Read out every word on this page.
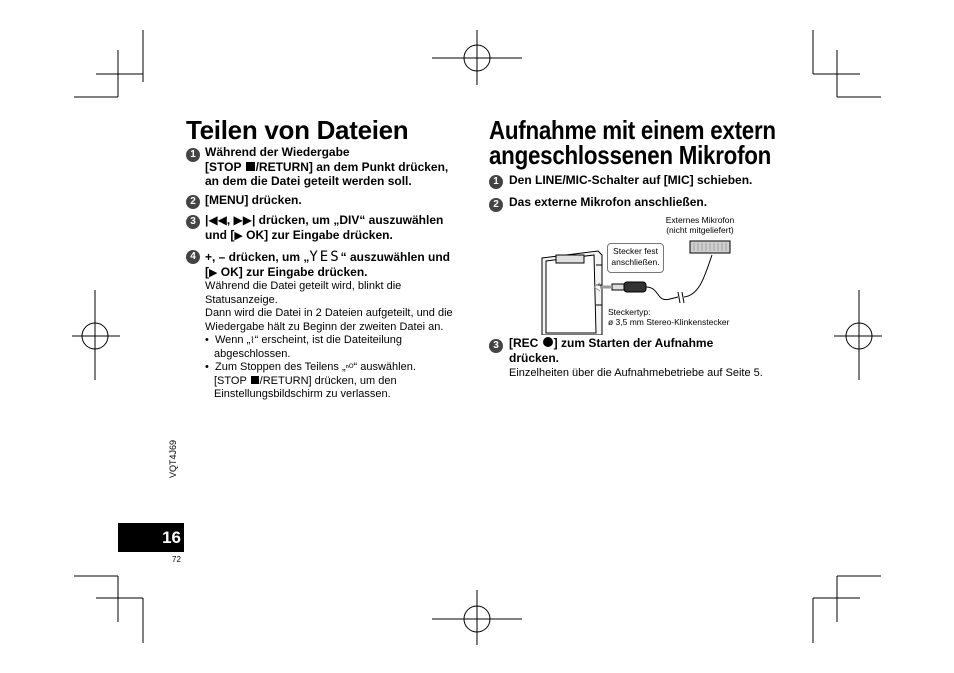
Teilen von Dateien
1 Während der Wiedergabe
[STOP /RETURN] an dem Punkt drücken,
an dem die Datei geteilt werden soll.
2 [MENU] drücken.
3 |◀◀, ▶▶| drücken, um „DIV“ auszuwählen
und [▶ OK] zur Eingabe drücken.
4 +, – drücken, um „YES“ auszuwählen und
[▶ OK] zur Eingabe drücken.
Während die Datei geteilt wird, blinkt die
Statusanzeige.
Dann wird die Datei in 2 Dateien aufgeteilt, und die
Wiedergabe hält zu Beginn der zweiten Datei an.
• Wenn „⌇“ erscheint, ist die Dateiteilung
abgeschlossen.
• Zum Stoppen des Teilens „ⁿᴼ“ auswählen.
[STOP /RETURN] drücken, um den
Einstellungsbildschirm zu verlassen.
Aufnahme mit einem extern
angeschlossenen Mikrofon
1 Den LINE/MIC-Schalter auf [MIC] schieben.
2 Das externe Mikrofon anschließen.
Externes Mikrofon
(nicht mitgeliefert)
Stecker fest
anschließen.
Steckertyp:
ø 3,5 mm Stereo-Klinkenstecker
3 [REC ] zum Starten der Aufnahme
drücken.
Einzelheiten über die Aufnahmebetriebe auf Seite 5.
VQT4J69
16
72
